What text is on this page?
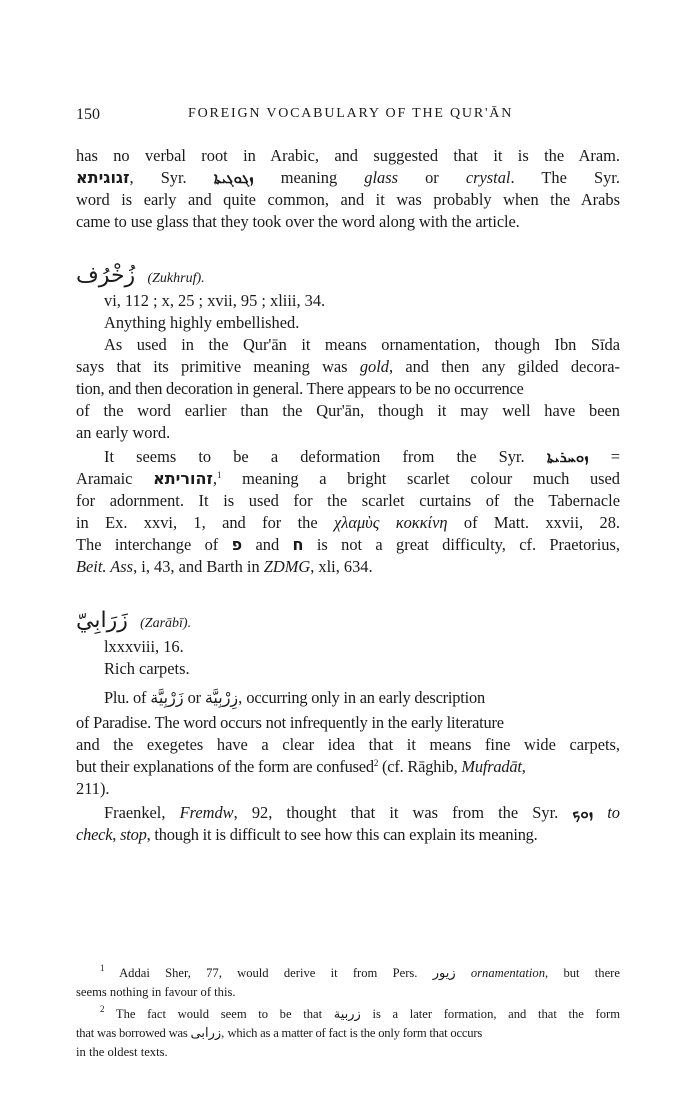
150	FOREIGN VOCABULARY OF THE QUR'ĀN
has no verbal root in Arabic, and suggested that it is the Aram.
זגוגיתא, Syr. ܙܓܘܓܝܬܐ meaning glass or crystal. The Syr.
word is early and quite common, and it was probably when the Arabs
came to use glass that they took over the word along with the article.
زُخْرُف (Zukhruf).
vi, 112 ; x, 25 ; xvii, 95 ; xliii, 34.
Anything highly embellished.
As used in the Qur'ān it means ornamentation, though Ibn Sīda
says that its primitive meaning was gold, and then any gilded decora-
tion, and then decoration in general. There appears to be no occurrence
of the word earlier than the Qur'ān, though it may well have been
an early word.
It seems to be a deformation from the Syr. ܙܘܚܪܝܬܐ =
Aramaic זהוריתא,$^1$ meaning a bright scarlet colour much used
for adornment. It is used for the scarlet curtains of the Tabernacle
in Ex. xxvi, 1, and for the χλαμὺς κοκκίνη of Matt. xxvii, 28.
The interchange of פ and ח is not a great difficulty, cf. Praetorius,
Beit. Ass, i, 43, and Barth in ZDMG, xli, 634.
زَرَابِيّ (Zarābī).
lxxxviii, 16.
Rich carpets.
Plu. of زَرْبِيَّة or زِرْبِيَّة, occurring only in an early description
of Paradise. The word occurs not infrequently in the early literature
and the exegetes have a clear idea that it means fine wide carpets,
but their explanations of the form are confused$^2$ (cf. Rāghib, Mufradāt,
211).
Fraenkel, Fremdw, 92, thought that it was from the Syr. ܙܘܟ to
check, stop, though it is difficult to see how this can explain its meaning.
$^1$ Addai Sher, 77, would derive it from Pers. زیور ornamentation, but there
seems nothing in favour of this.
$^2$ The fact would seem to be that زربية is a later formation, and that the form
that was borrowed was زرابى, which as a matter of fact is the only form that occurs
in the oldest texts.
